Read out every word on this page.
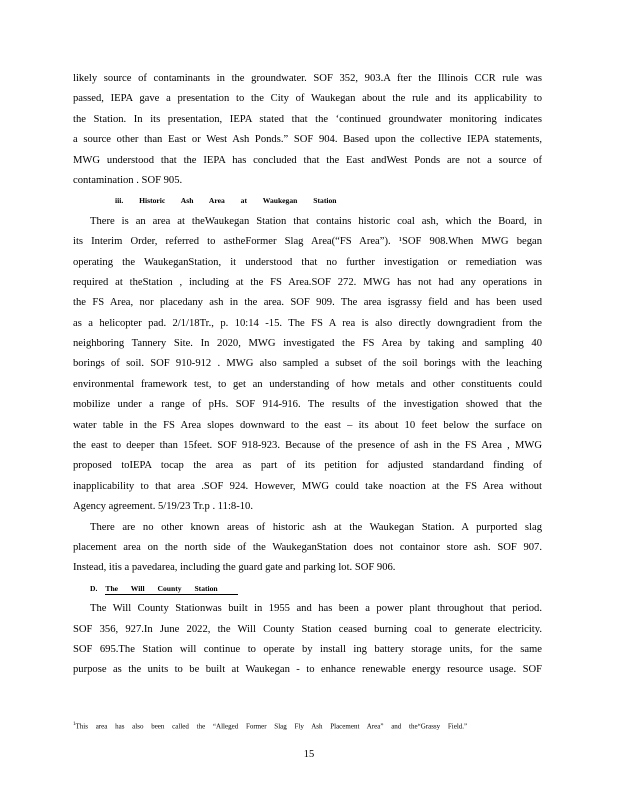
likely source of contaminants in the groundwater. SOF 352, 903.A fter the Illinois CCR rule was
passed, IEPA gave a presentation to the City of Waukegan about the rule and its applicability to
the Station. In its presentation, IEPA stated that the ‘continued groundwater monitoring indicates
a source other than East or West Ash Ponds.” SOF 904. Based upon the collective IEPA statements,
MWG understood that the IEPA has concluded that the East andWest Ponds are not a source of
contamination . SOF 905.
iii. Historic Ash Area at Waukegan Station
There is an area at theWaukegan Station that contains historic coal ash, which the Board, in
its Interim Order, referred to astheFormer Slag Area(“FS Area”). ¹SOF 908.When MWG began
operating the WaukeganStation, it understood that no further investigation or remediation was
required at theStation , including at the FS Area.SOF 272. MWG has not had any operations in
the FS Area, nor placedany ash in the area. SOF 909. The area isgrassy field and has been used
as a helicopter pad. 2/1/18Tr., p. 10:14 -15. The FS A rea is also directly downgradient from the
neighboring Tannery Site. In 2020, MWG investigated the FS Area by taking and sampling 40
borings of soil. SOF 910-912 . MWG also sampled a subset of the soil borings with the leaching
environmental framework test, to get an understanding of how metals and other constituents could
mobilize under a range of pHs. SOF 914-916. The results of the investigation showed that the
water table in the FS Area slopes downward to the east – its about 10 feet below the surface on
the east to deeper than 15feet. SOF 918-923. Because of the presence of ash in the FS Area , MWG
proposed toIEPA tocap the area as part of its petition for adjusted standardand finding of
inapplicability to that area .SOF 924. However, MWG could take noaction at the FS Area without
Agency agreement. 5/19/23 Tr.p . 11:8-10.
There are no other known areas of historic ash at the Waukegan Station. A purported slag
placement area on the north side of the WaukeganStation does not containor store ash. SOF 907.
Instead, itis a pavedarea, including the guard gate and parking lot. SOF 906.
D. The Will County Station
The Will County Stationwas built in 1955 and has been a power plant throughout that period.
SOF 356, 927.In June 2022, the Will County Station ceased burning coal to generate electricity.
SOF 695.The Station will continue to operate by install ing battery storage units, for the same
purpose as the units to be built at Waukegan - to enhance renewable energy resource usage. SOF
$^1$This area has also been called the “Alleged Former Slag Fly Ash Placement Area” and the“Grassy Field.”
15
